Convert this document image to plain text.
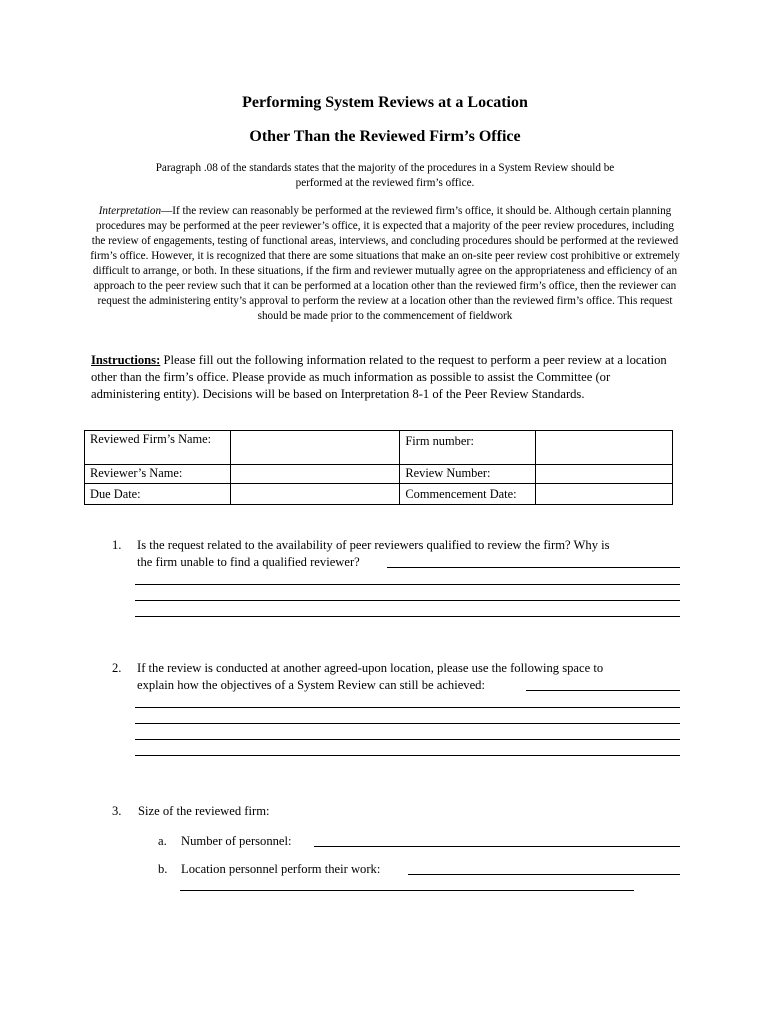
Performing System Reviews at a Location
Other Than the Reviewed Firm’s Office
Paragraph .08 of the standards states that the majority of the procedures in a System Review should be performed at the reviewed firm’s office.
Interpretation—If the review can reasonably be performed at the reviewed firm’s office, it should be. Although certain planning procedures may be performed at the peer reviewer’s office, it is expected that a majority of the peer review procedures, including the review of engagements, testing of functional areas, interviews, and concluding procedures should be performed at the reviewed firm’s office. However, it is recognized that there are some situations that make an on-site peer review cost prohibitive or extremely difficult to arrange, or both. In these situations, if the firm and reviewer mutually agree on the appropriateness and efficiency of an approach to the peer review such that it can be performed at a location other than the reviewed firm’s office, then the reviewer can request the administering entity’s approval to perform the review at a location other than the reviewed firm’s office. This request should be made prior to the commencement of fieldwork
Instructions: Please fill out the following information related to the request to perform a peer review at a location other than the firm’s office. Please provide as much information as possible to assist the Committee (or administering entity). Decisions will be based on Interpretation 8-1 of the Peer Review Standards.
Reviewed Firm’s Name:		Firm number:	
Reviewer’s Name:		Review Number:	
Due Date:		Commencement Date:	
1. Is the request related to the availability of peer reviewers qualified to review the firm? Why is
the firm unable to find a qualified reviewer?
2. If the review is conducted at another agreed-upon location, please use the following space to
explain how the objectives of a System Review can still be achieved:
3. Size of the reviewed firm:
a. Number of personnel:
b. Location personnel perform their work:
